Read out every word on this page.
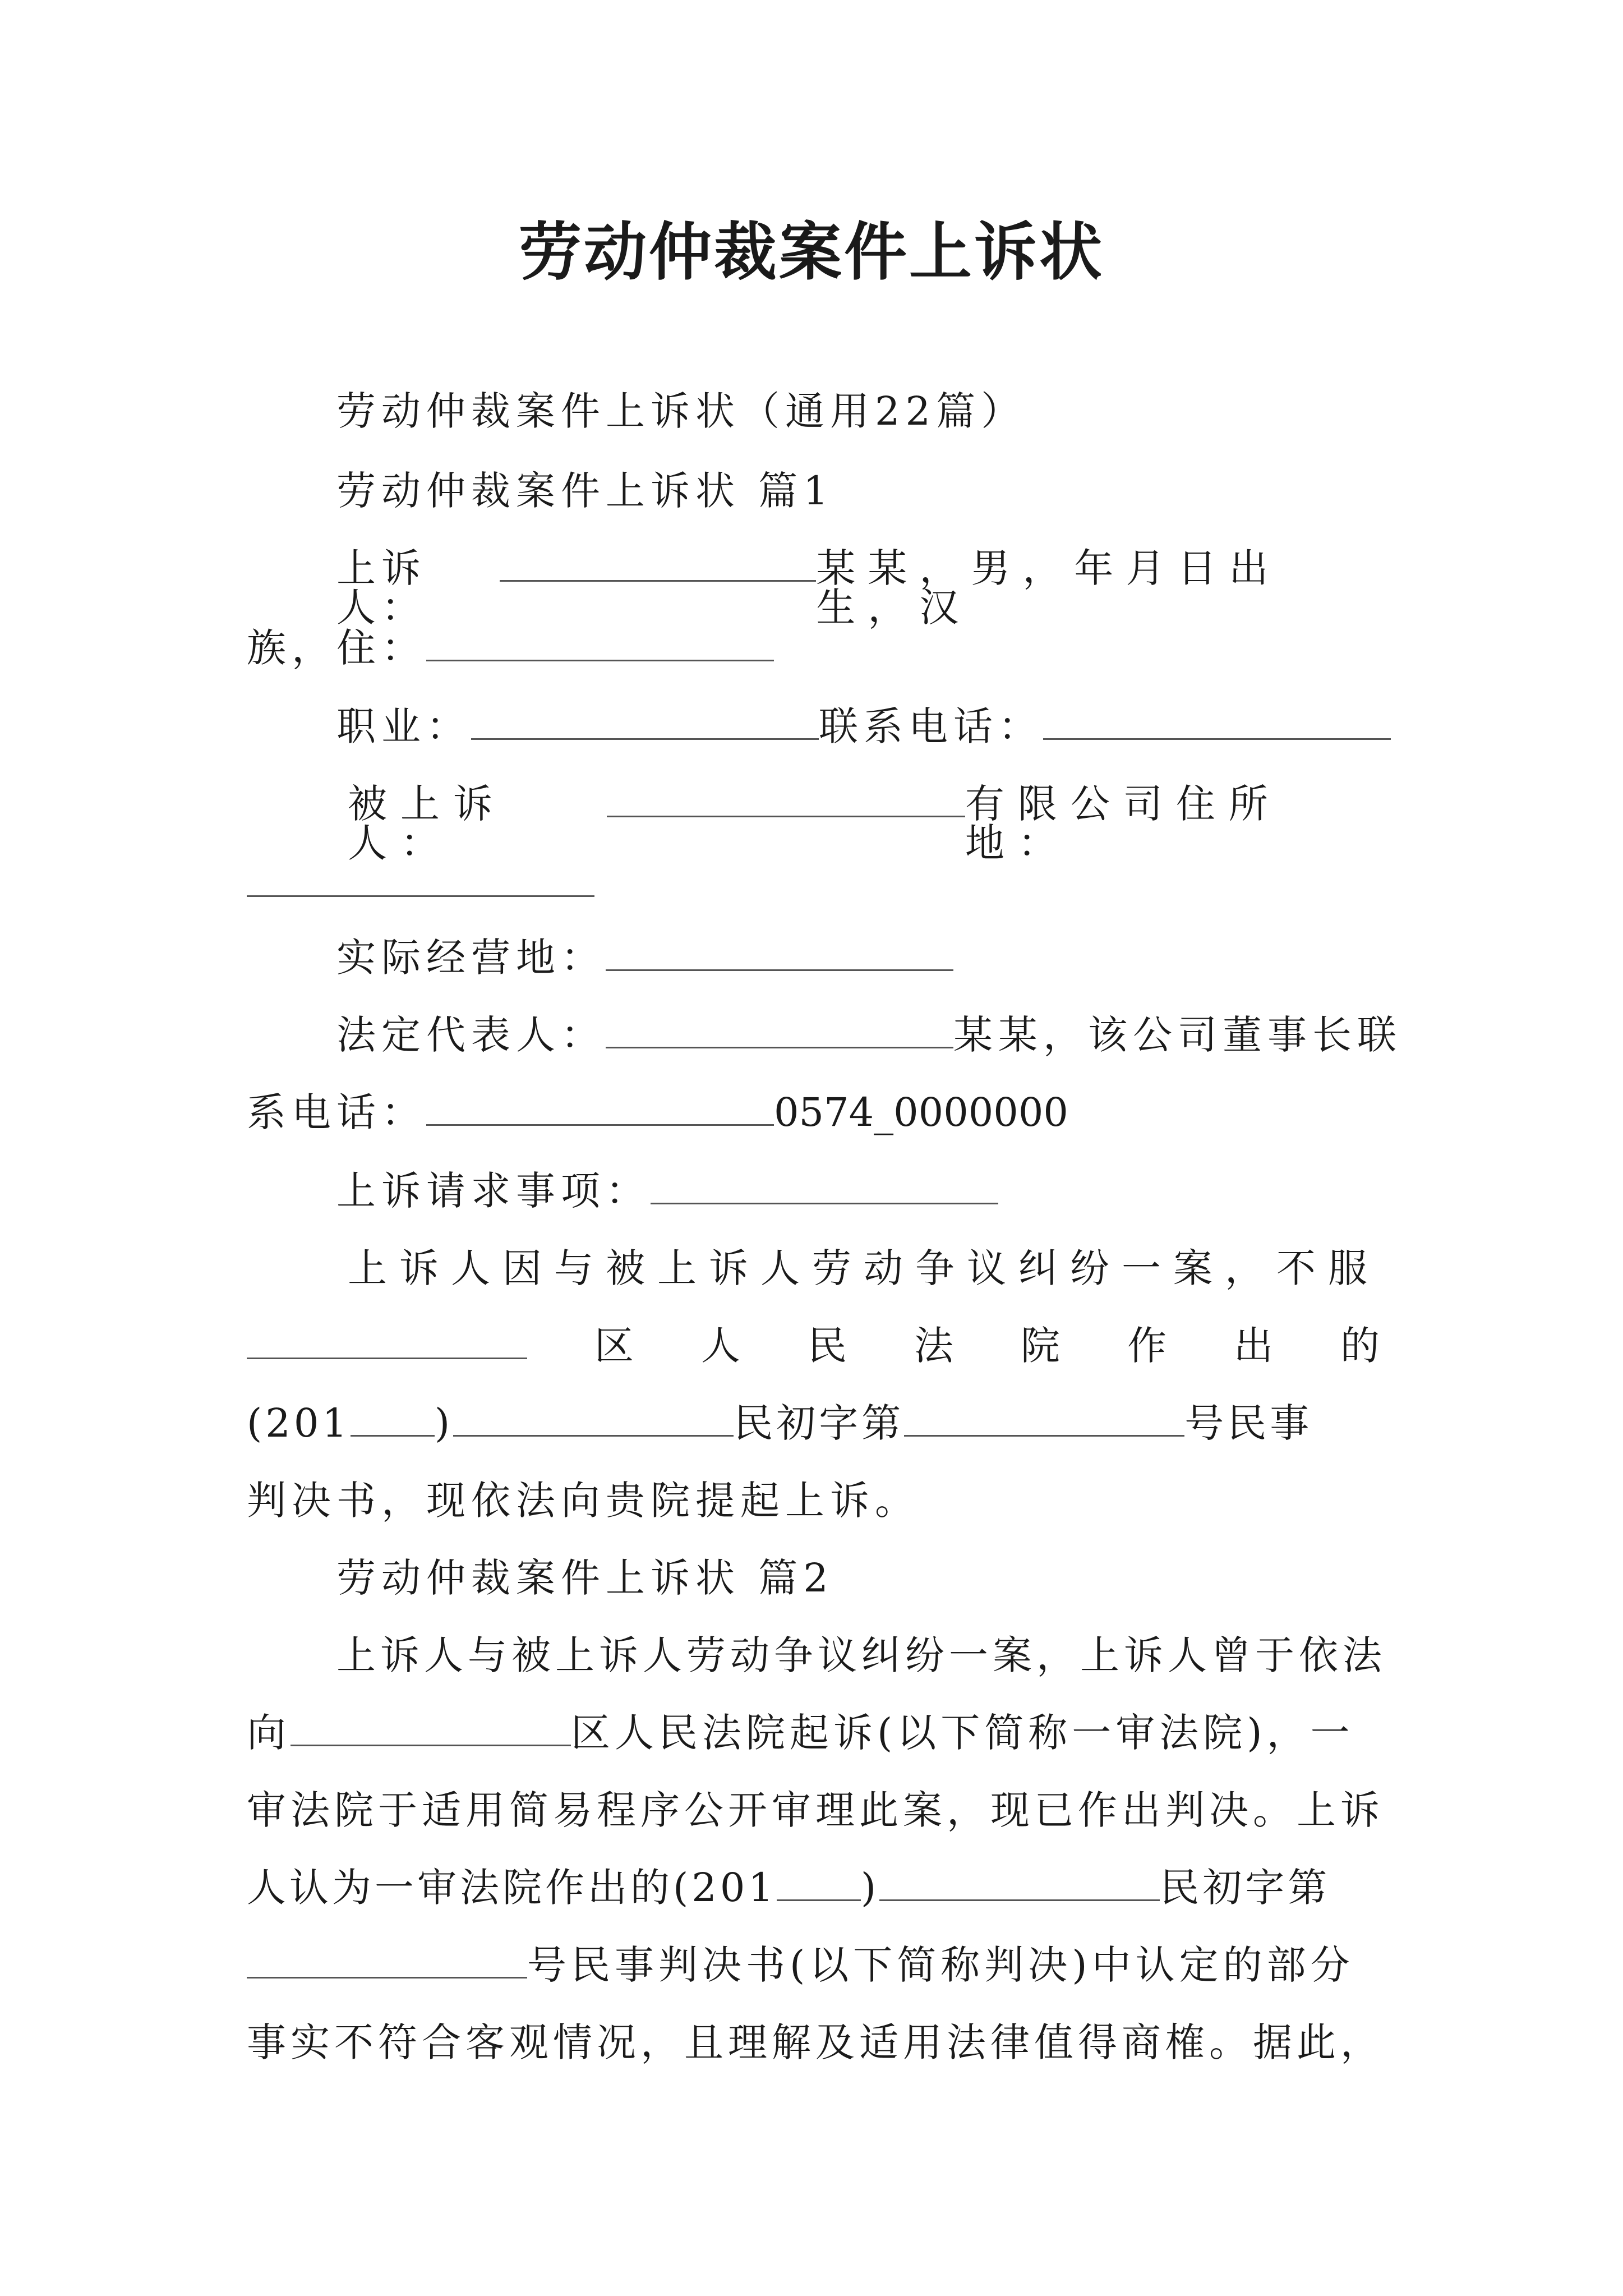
劳动仲裁案件上诉状
劳动仲裁案件上诉状（通用22篇）
劳动仲裁案件上诉状 篇1
上诉人：
某某，男，年月日出生，汉
族，住：
职业：	联系电话：
被上诉人：
有限公司住所地：
实际经营地：
法定代表人：	某某，该公司董事长联
系电话：	0574_0000000
上诉请求事项：
上诉人因与被上诉人劳动争议纠纷一案，不服
区 人 民 法 院 作 出 的
(201 )	民初字第	号民事
判决书，现依法向贵院提起上诉。
劳动仲裁案件上诉状 篇2
上诉人与被上诉人劳动争议纠纷一案，上诉人曾于依法
向	区人民法院起诉(以下简称一审法院)，一
审法院于适用简易程序公开审理此案，现已作出判决。上诉
人认为一审法院作出的(201 )	民初字第
号民事判决书(以下简称判决)中认定的部分
事实不符合客观情况，且理解及适用法律值得商榷。据此，
